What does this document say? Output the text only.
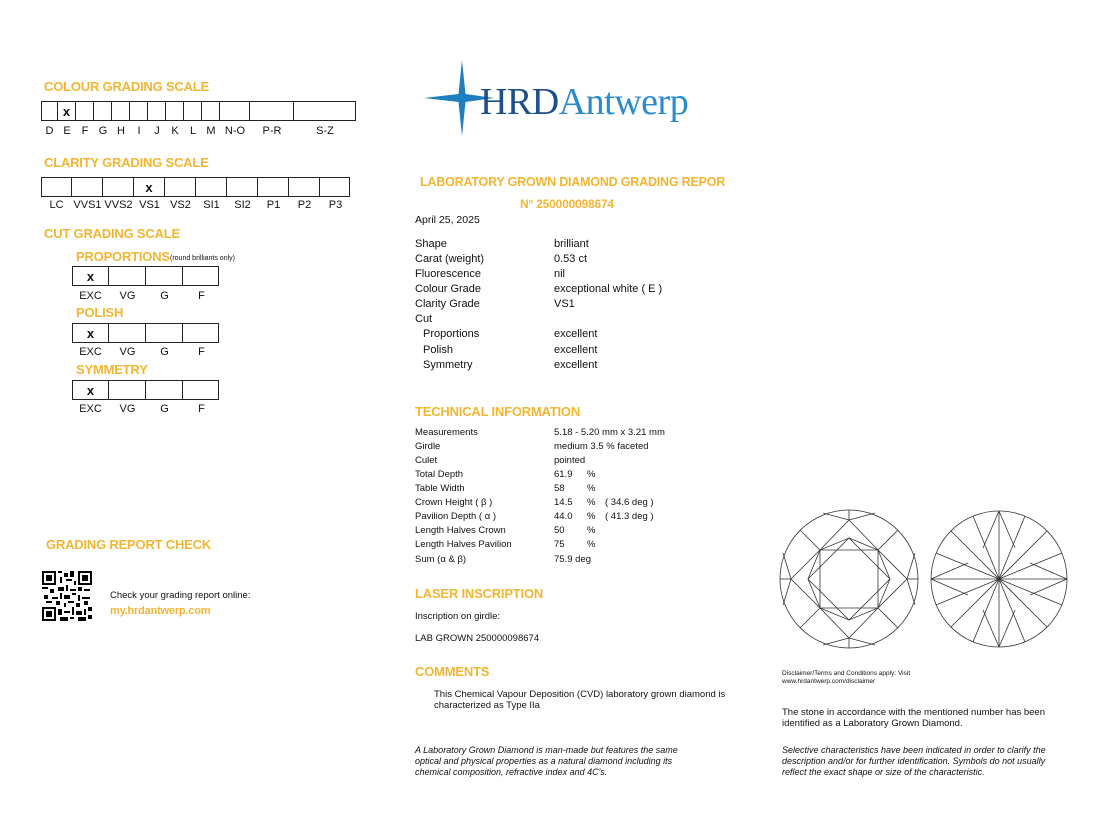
COLOUR GRADING SCALE
x
D E F G H	I	J	K	L M N-O	P-R	S-Z
CLARITY GRADING SCALE
x
LC VVS1 VVS2 VS1 VS2	SI1	SI2	P1	P2	P3
CUT GRADING SCALE
PROPORTIONS (round brilliants only)
x
EXC	VG	G	F
POLISH
x
EXC	VG	G	F
SYMMETRY
x
EXC	VG	G	F
GRADING REPORT CHECK
Check your grading report online:
my.hrdantwerp.com
HRDAntwerp
LABORATORY GROWN DIAMOND GRADING REPOR
N° 250000098674
April 25, 2025
Shape	brilliant
Carat (weight)	0.53 ct
Fluorescence	nil
Colour Grade	exceptional white ( E )
Clarity Grade	VS1
Cut
Proportions	excellent
Polish	excellent
Symmetry	excellent
TECHNICAL INFORMATION
Measurements	5.18 - 5.20 mm x 3.21 mm
Girdle	medium 3.5 % faceted
Culet	pointed
Total Depth	61.9 %
Table Width	58 %
Crown Height ( β )	14.5 % ( 34.6 deg )
Pavilion Depth ( α )	44.0 % ( 41.3 deg )
Length Halves Crown	50 %
Length Halves Pavilion	75 %
Sum (α & β)	75.9 deg
LASER INSCRIPTION
Inscription on girdle:
LAB GROWN 250000098674
COMMENTS
This Chemical Vapour Deposition (CVD) laboratory grown diamond is
characterized as Type IIa
A Laboratory Grown Diamond is man-made but features the same
optical and physical properties as a natural diamond including its
chemical composition, refractive index and 4C's.
Disclaimer/Terms and Conditions apply: Visit
www.hrdantwerp.com/disclaimer
The stone in accordance with the mentioned number has been
identified as a Laboratory Grown Diamond.
Selective characteristics have been indicated in order to clarify the
description and/or for further identification. Symbols do not usually
reflect the exact shape or size of the characteristic.
